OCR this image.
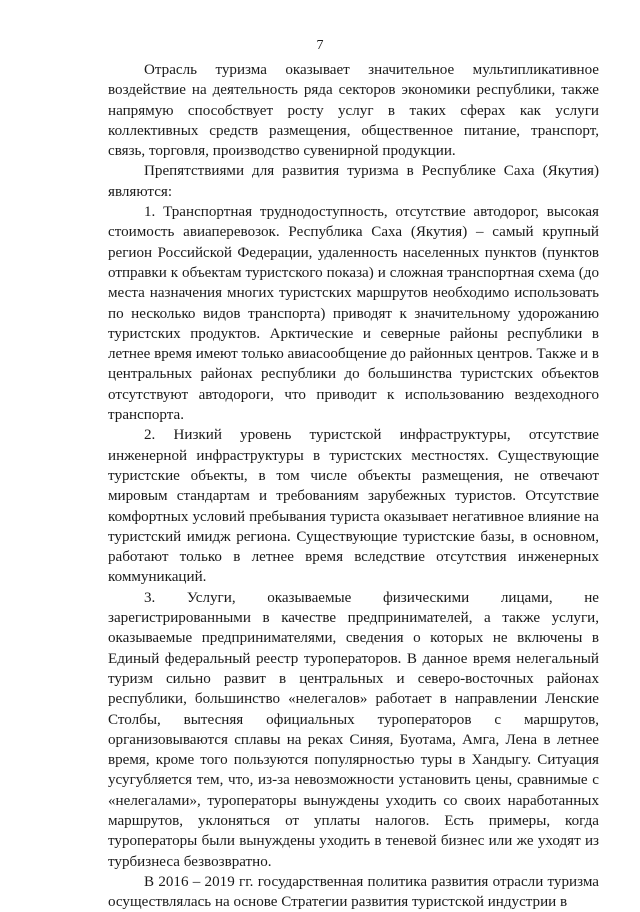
7

Отрасль туризма оказывает значительное мультипликативное воздействие на деятельность ряда секторов экономики республики, также напрямую способствует росту услуг в таких сферах как услуги коллективных средств размещения, общественное питание, транспорт, связь, торговля, производство сувенирной продукции.

Препятствиями для развития туризма в Республике Саха (Якутия) являются:

1. Транспортная труднодоступность, отсутствие автодорог, высокая стоимость авиаперевозок. Республика Саха (Якутия) – самый крупный регион Российской Федерации, удаленность населенных пунктов (пунктов отправки к объектам туристского показа) и сложная транспортная схема (до места назначения многих туристских маршрутов необходимо использовать по несколько видов транспорта) приводят к значительному удорожанию туристских продуктов. Арктические и северные районы республики в летнее время имеют только авиасообщение до районных центров. Также и в центральных районах республики до большинства туристских объектов отсутствуют автодороги, что приводит к использованию вездеходного транспорта.

2. Низкий уровень туристской инфраструктуры, отсутствие инженерной инфраструктуры в туристских местностях. Существующие туристские объекты, в том числе объекты размещения, не отвечают мировым стандартам и требованиям зарубежных туристов. Отсутствие комфортных условий пребывания туриста оказывает негативное влияние на туристский имидж региона. Существующие туристские базы, в основном, работают только в летнее время вследствие отсутствия инженерных коммуникаций.

3. Услуги, оказываемые физическими лицами, не зарегистрированными в качестве предпринимателей, а также услуги, оказываемые предпринимателями, сведения о которых не включены в Единый федеральный реестр туроператоров. В данное время нелегальный туризм сильно развит в центральных и северо-восточных районах республики, большинство «нелегалов» работает в направлении Ленские Столбы, вытесняя официальных туроператоров с маршрутов, организовываются сплавы на реках Синяя, Буотама, Амга, Лена в летнее время, кроме того пользуются популярностью туры в Хандыгу. Ситуация усугубляется тем, что, из-за невозможности установить цены, сравнимые с «нелегалами», туроператоры вынуждены уходить со своих наработанных маршрутов, уклоняться от уплаты налогов. Есть примеры, когда туроператоры были вынуждены уходить в теневой бизнес или же уходят из турбизнеса безвозвратно.

В 2016 – 2019 гг. государственная политика развития отрасли туризма осуществлялась на основе Стратегии развития туристской индустрии в
